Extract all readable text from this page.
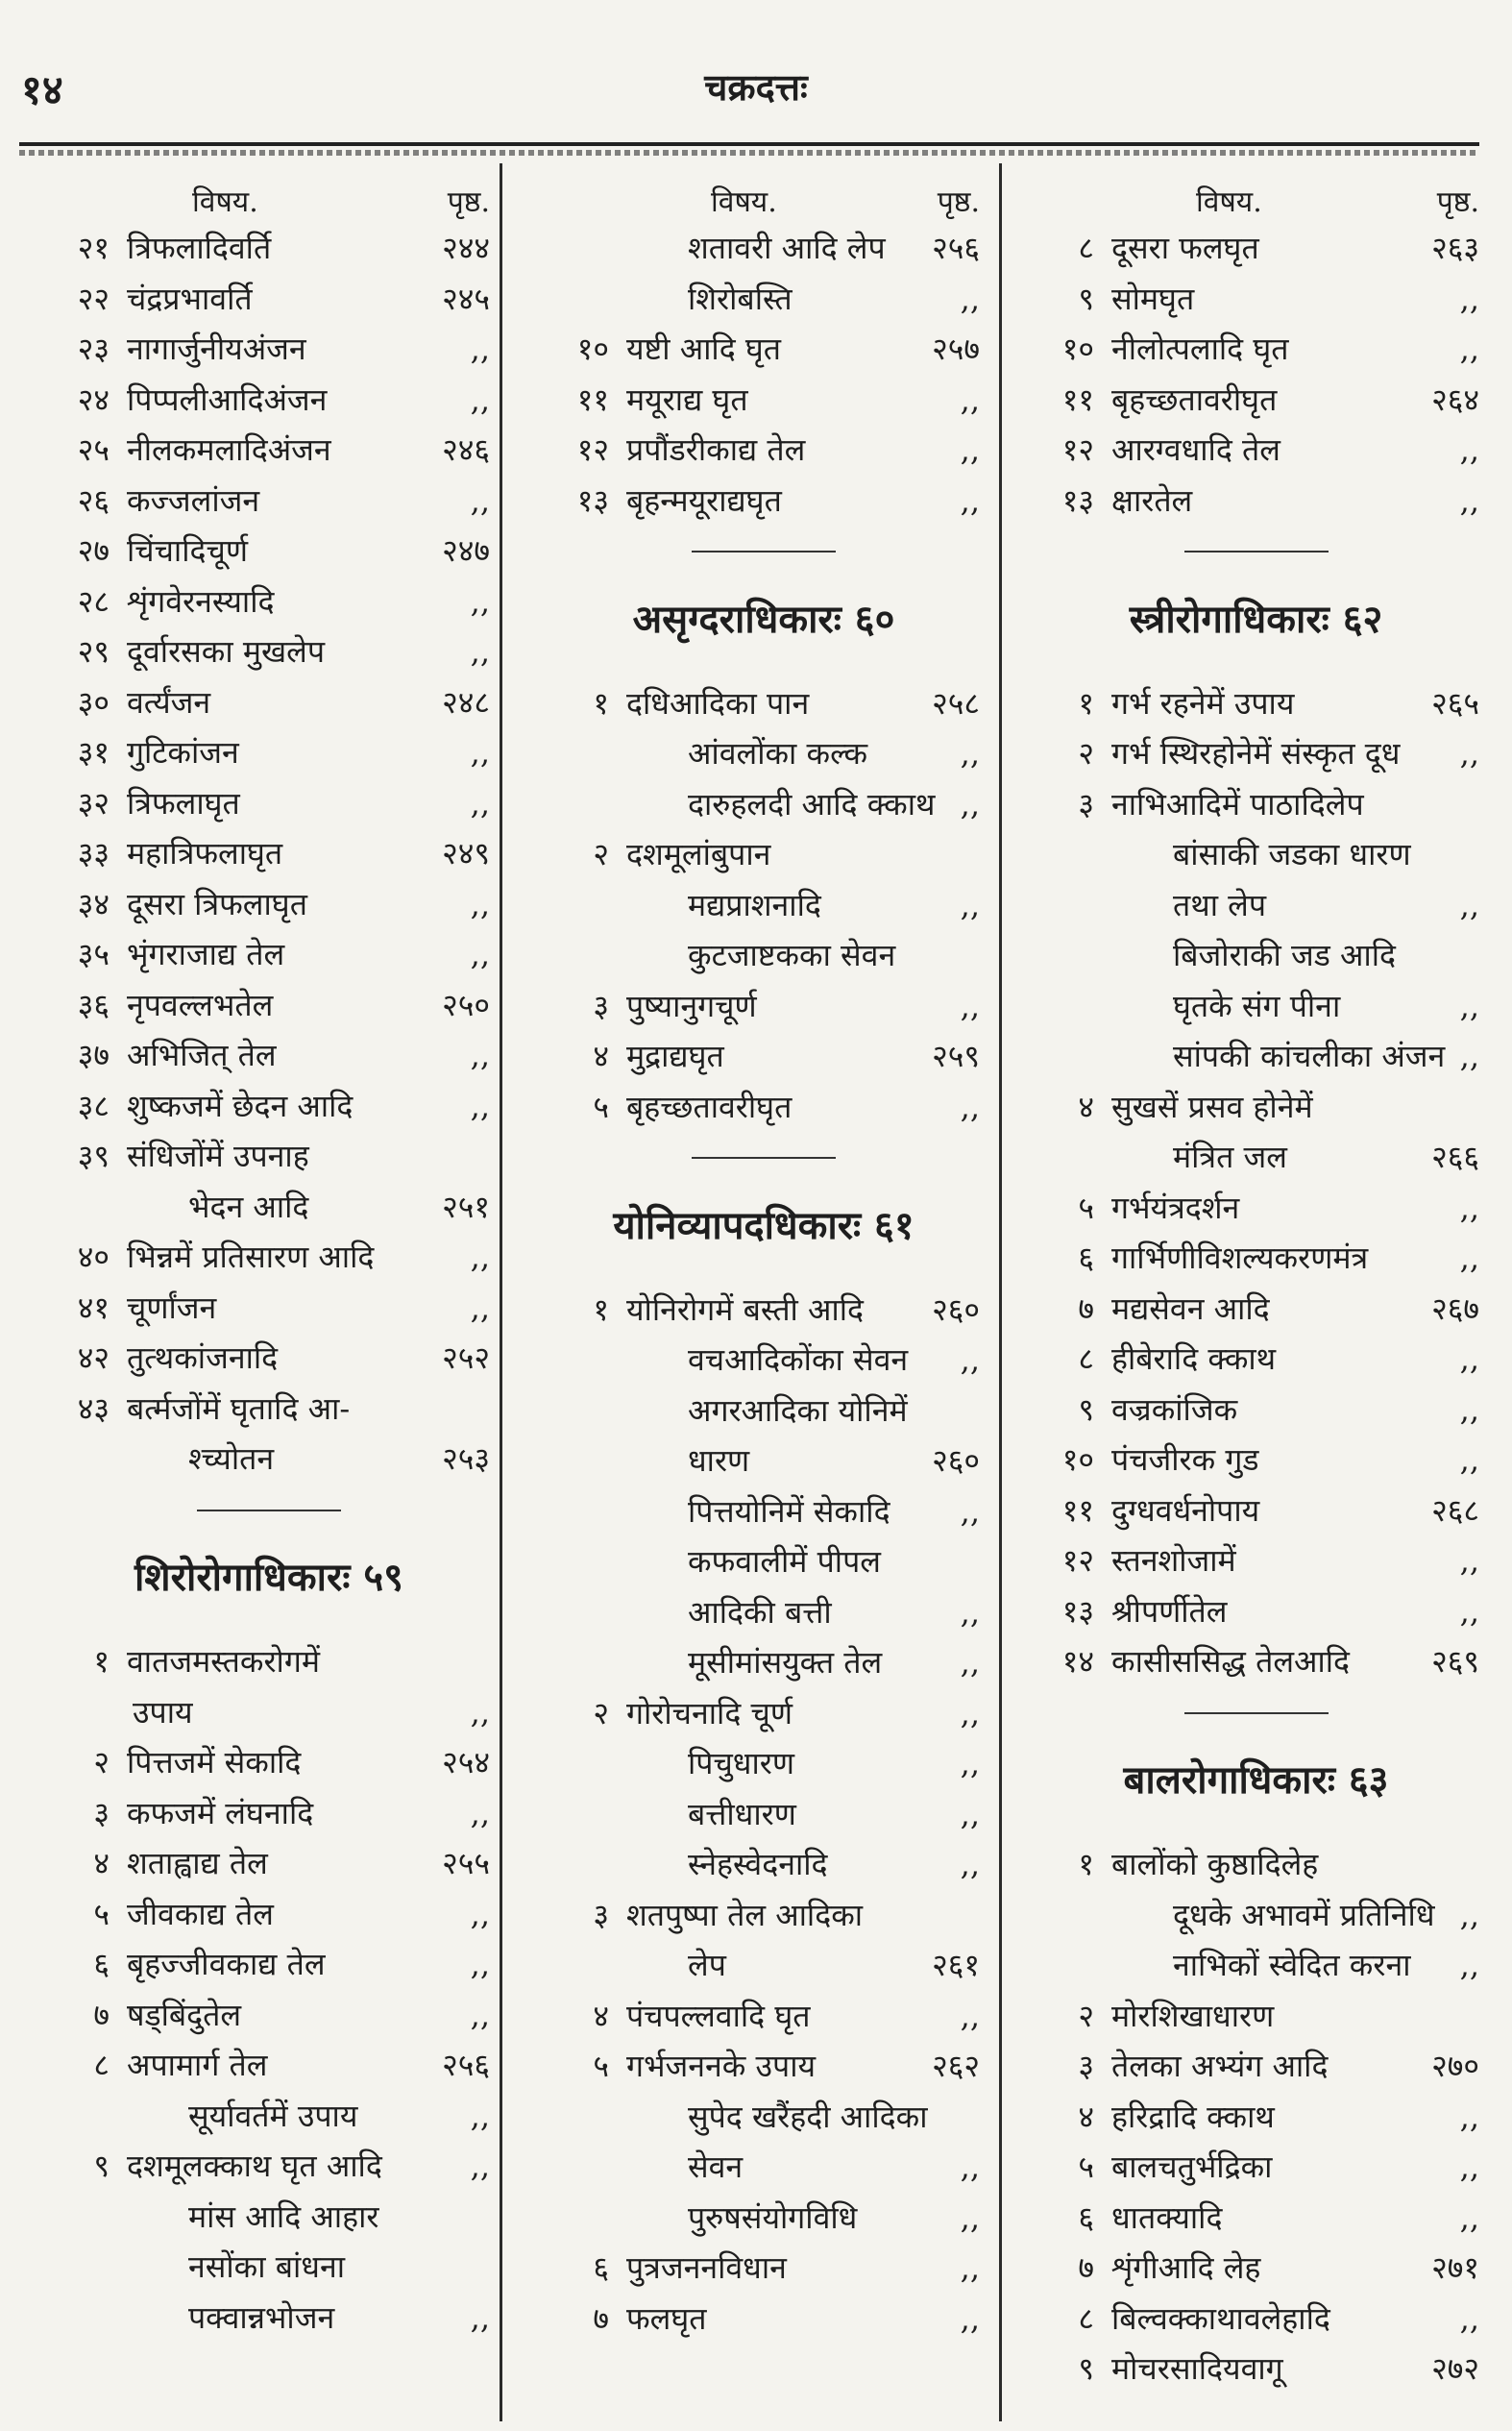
१४	चक्रदत्तः
विषय.	पृष्ठ.
२१ त्रिफलादिवर्ति	२४४
२२ चंद्रप्रभावर्ति	२४५
२३ नागार्जुनीयअंजन	,,
२४ पिप्पलीआदिअंजन	,,
२५ नीलकमलादिअंजन	२४६
२६ कज्जलांजन	,,
२७ चिंचादिचूर्ण	२४७
२८ शृंगवेरनस्यादि	,,
२९ दूर्वारसका मुखलेप	,,
३० वर्त्यंजन	२४८
३१ गुटिकांजन	,,
३२ त्रिफलाघृत	,,
३३ महात्रिफलाघृत	२४९
३४ दूसरा त्रिफलाघृत	,,
३५ भृंगराजाद्य तेल	,,
३६ नृपवल्लभतेल	२५०
३७ अभिजित् तेल	,,
३८ शुष्कजमें छेदन आदि	,,
३९ संधिजोंमें उपनाह
भेदन आदि	२५१
४० भिन्नमें प्रतिसारण आदि	,,
४१ चूर्णांजन	,,
४२ तुत्थकांजनादि	२५२
४३ बर्त्मजोंमें घृतादि आ-
श्च्योतन	२५३
शिरोरोगाधिकारः ५९
१ वातजमस्तकरोगमें
उपाय	,,
२ पित्तजमें सेकादि	२५४
३ कफजमें लंघनादि	,,
४ शताह्वाद्य तेल	२५५
५ जीवकाद्य तेल	,,
६ बृहज्जीवकाद्य तेल	,,
७ षड्बिंदुतेल	,,
८ अपामार्ग तेल	२५६
सूर्यावर्तमें उपाय	,,
९ दशमूलक्काथ घृत आदि	,,
मांस आदि आहार
नसोंका बांधना
पक्वान्नभोजन	,,
विषय.	पृष्ठ.
शतावरी आदि लेप २५६
शिरोबस्ति	,,
१० यष्टी आदि घृत	२५७
११ मयूराद्य घृत	,,
१२ प्रपौंडरीकाद्य तेल	,,
१३ बृहन्मयूराद्यघृत	,,
असृग्दराधिकारः ६०
१ दधिआदिका पान	२५८
आंवलोंका कल्क	,,
दारुहलदी आदि क्काथ ,,
२ दशमूलांबुपान
मद्यप्राशनादि	,,
कुटजाष्टकका सेवन
३ पुष्यानुगचूर्ण	,,
४ मुद्राद्यघृत	२५९
५ बृहच्छतावरीघृत	,,
योनिव्यापदधिकारः ६१
१ योनिरोगमें बस्ती आदि २६०
वचआदिकोंका सेवन ,,
अगरआदिका योनिमें
धारण	२६०
पित्तयोनिमें सेकादि ,,
कफवालीमें पीपल
आदिकी बत्ती	,,
मूसीमांसयुक्त तेल	,,
२ गोरोचनादि चूर्ण	,,
पिचुधारण	,,
बत्तीधारण	,,
स्नेहस्वेदनादि	,,
३ शतपुष्पा तेल आदिका
लेप	२६१
४ पंचपल्लवादि घृत	,,
५ गर्भजननके उपाय	२६२
सुपेद खरैंहदी आदिका
सेवन	,,
पुरुषसंयोगविधि	,,
६ पुत्रजननविधान	,,
७ फलघृत	,,
विषय.	पृष्ठ.
८ दूसरा फलघृत	२६३
९ सोमघृत	,,
१० नीलोत्पलादि घृत	,,
११ बृहच्छतावरीघृत	२६४
१२ आरग्वधादि तेल	,,
१३ क्षारतेल	,,
स्त्रीरोगाधिकारः ६२
१ गर्भ रहनेमें उपाय	२६५
२ गर्भ स्थिरहोनेमें संस्कृत दूध ,,
३ नाभिआदिमें पाठादिलेप
बांसाकी जडका धारण
तथा लेप	,,
बिजोराकी जड आदि
घृतके संग पीना	,,
सांपकी कांचलीका अंजन ,,
४ सुखसें प्रसव होनेमें
मंत्रित जल	२६६
५ गर्भयंत्रदर्शन	,,
६ गार्भिणीविशल्यकरणमंत्र	,,
७ मद्यसेवन आदि	२६७
८ हीबेरादि क्काथ	,,
९ वज्रकांजिक	,,
१० पंचजीरक गुड	,,
११ दुग्धवर्धनोपाय	२६८
१२ स्तनशोजामें	,,
१३ श्रीपर्णीतेल	,,
१४ कासीससिद्ध तेलआदि	२६९
बालरोगाधिकारः ६३
१ बालोंको कुष्ठादिलेह
दूधके अभावमें प्रतिनिधि ,,
नाभिकों स्वेदित करना ,,
२ मोरशिखाधारण
३ तेलका अभ्यंग आदि	२७०
४ हरिद्रादि क्काथ	,,
५ बालचतुर्भद्रिका	,,
६ धातक्यादि	,,
७ शृंगीआदि लेह	२७१
८ बिल्वक्काथावलेहादि	,,
९ मोचरसादियवागू	२७२
